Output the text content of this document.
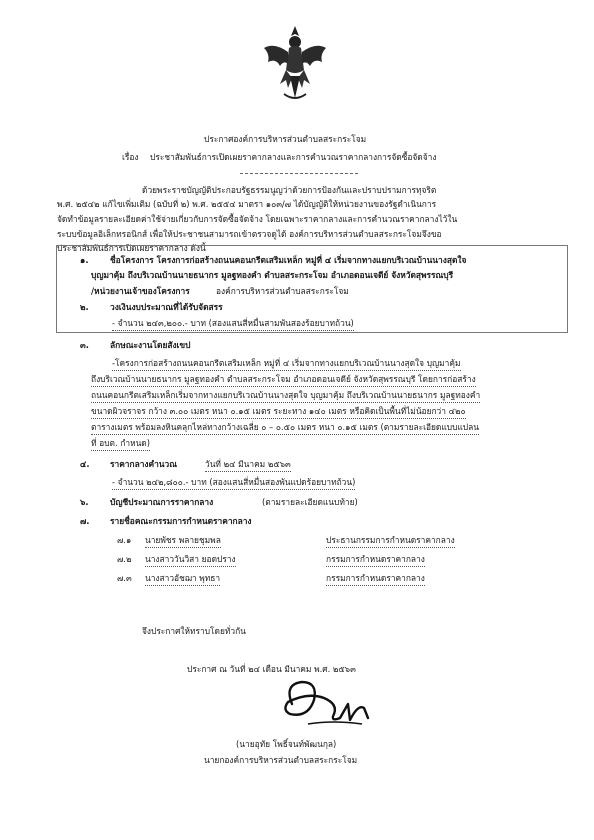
ประกาศองค์การบริหารส่วนตำบลสระกระโจม
เรื่อง ประชาสัมพันธ์การเปิดเผยราคากลางและการคำนวณราคากลางการจัดซื้อจัดจ้าง
ด้วยพระราชบัญญัติประกอบรัฐธรรมนูญว่าด้วยการป้องกันและปราบปรามการทุจริต
พ.ศ. ๒๕๔๒ แก้ไขเพิ่มเติม (ฉบับที่ ๒) พ.ศ. ๒๕๕๔ มาตรา ๑๐๓/๗ ได้บัญญัติให้หน่วยงานของรัฐดำเนินการ
จัดทำข้อมูลรายละเอียดค่าใช้จ่ายเกี่ยวกับการจัดซื้อจัดจ้าง โดยเฉพาะราคากลางและการคำนวณราคากลางไว้ใน
ระบบข้อมูลอิเล็กทรอนิกส์ เพื่อให้ประชาชนสามารถเข้าตรวจดูได้ องค์การบริหารส่วนตำบลสระกระโจมจึงขอ
ประชาสัมพันธ์การเปิดเผยราคากลาง ดังนี้
๑.	ชื่อโครงการ โครงการก่อสร้างถนนคอนกรีตเสริมเหล็ก หมู่ที่ ๔ เริ่มจากทางแยกบริเวณบ้านนางสุดใจ
บุญมาคุ้ม ถึงบริเวณบ้านนายธนากร มูลฐทองคำ ตำบลสระกระโจม อำเภอดอนเจดีย์ จังหวัดสุพรรณบุรี
/หน่วยงานเจ้าของโครงการ	องค์การบริหารส่วนตำบลสระกระโจม
๒.	วงเงินงบประมาณที่ได้รับจัดสรร
- จำนวน ๒๔๓,๒๐๐.- บาท (สองแสนสี่หมื่นสามพันสองร้อยบาทถ้วน)
๓.	ลักษณะงานโดยสังเขป
-โครงการก่อสร้างถนนคอนกรีตเสริมเหล็ก หมู่ที่ ๔ เริ่มจากทางแยกบริเวณบ้านนางสุดใจ บุญมาคุ้ม
ถึงบริเวณบ้านนายธนากร มูลฐทองคำ ตำบลสระกระโจม อำเภอดอนเจดีย์ จังหวัดสุพรรณบุรี โดยการก่อสร้าง
ถนนคอนกรีตเสริมเหล็กเริ่มจากทางแยกบริเวณบ้านนางสุดใจ บุญมาคุ้ม ถึงบริเวณบ้านนายธนากร มูลฐทองคำ
ขนาดผิวจราจร กว้าง ๓.๐๐ เมตร หนา ๐.๑๕ เมตร ระยะทาง ๑๔๐ เมตร หรือคิดเป็นพื้นที่ไม่น้อยกว่า ๔๒๐
ตารางเมตร พร้อมลงหินคลุกไหล่ทางกว้างเฉลี่ย ๐ – ๐.๕๐ เมตร หนา ๐.๑๕ เมตร (ตามรายละเอียดแบบแปลน
ที่ อบต. กำหนด)
๔. ราคากลางคำนวณ	วันที่ ๒๔ มีนาคม ๒๕๖๓
- จำนวน ๒๔๒,๘๐๐.- บาท (สองแสนสี่หมื่นสองพันแปดร้อยบาทถ้วน)
๖.	บัญชีประมาณการราคากลาง	(ตามรายละเอียดแนบท้าย)
๗. รายชื่อคณะกรรมการกำหนดราคากลาง
๗.๑ นายพัชร พลายชุมพล	ประธานกรรมการกำหนดราคากลาง
๗.๒ นางสาววันวิสา ยอดปราง	กรรมการกำหนดราคากลาง
๗.๓ นางสาวอัชฌา พุทธา	กรรมการกำหนดราคากลาง
จึงประกาศให้ทราบโดยทั่วกัน
ประกาศ ณ วันที่ ๒๔ เดือน มีนาคม พ.ศ. ๒๕๖๓
(นายอุทัย โพธิ์จนท์พัฒนกุล)
นายกองค์การบริหารส่วนตำบลสระกระโจม
